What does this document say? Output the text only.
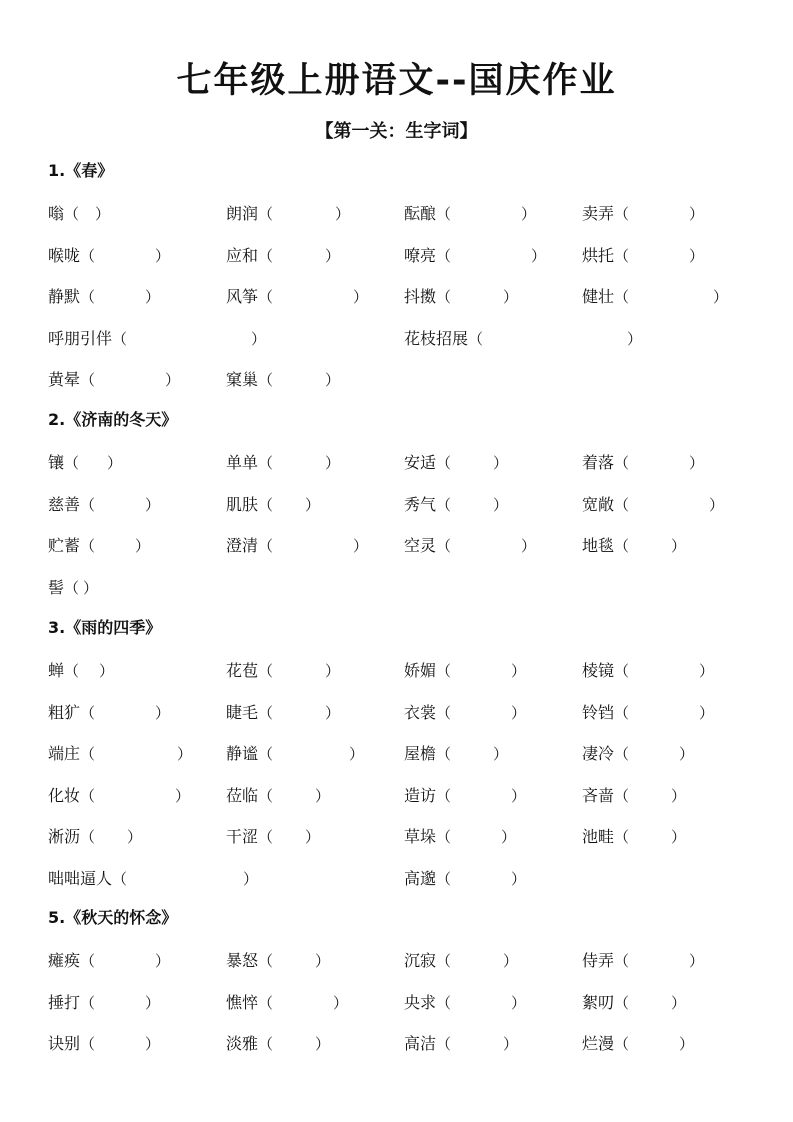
七年级上册语文--国庆作业
【第一关：生字词】
1.《春》
嗡 （ ）	朗润 （	）	酝酿 （	）	卖弄 （	）
喉咙 （	）	应和 （	）	嘹亮 （	） 烘托 （	）
静默 （	）	风筝 （	） 抖擞 （	）	健壮 （	）
呼朋引伴 （	）	花枝招展 （	）
黄晕 （	）	窠巢 （	）
2.《济南的冬天》
镶 （ ）	单单 （	）	安适 （	）	着落 （	）
慈善 （	）	肌肤 （ ）	秀气 （	）	宽敞 （	）
贮蓄 （	）	澄清 （	） 空灵 （	）	地毯 （	）
髻 （ ）
3.《雨的四季》
蝉 （ ）	花苞 （	）	娇媚 （	）	棱镜 （	）
粗犷 （	）	睫毛 （	）	衣裳 （	）	铃铛 （	）
端庄 （	） 静谧 （	） 屋檐 （	）	凄冷 （	）
化妆 （	） 莅临 （	）	造访 （	）	吝啬 （	）
淅沥 （ ）	干涩 （ ）	草垛 （	）	池畦 （	）
咄咄逼人 （	）	高邈 （	）
5.《秋天的怀念》
瘫痪 （	）	暴怒 （	）	沉寂 （	）	侍弄 （	）
捶打 （	）	憔悴 （	）	央求 （	）	絮叨 （	）
诀别 （	）	淡雅 （	）	高洁 （	）	烂漫 （	）
